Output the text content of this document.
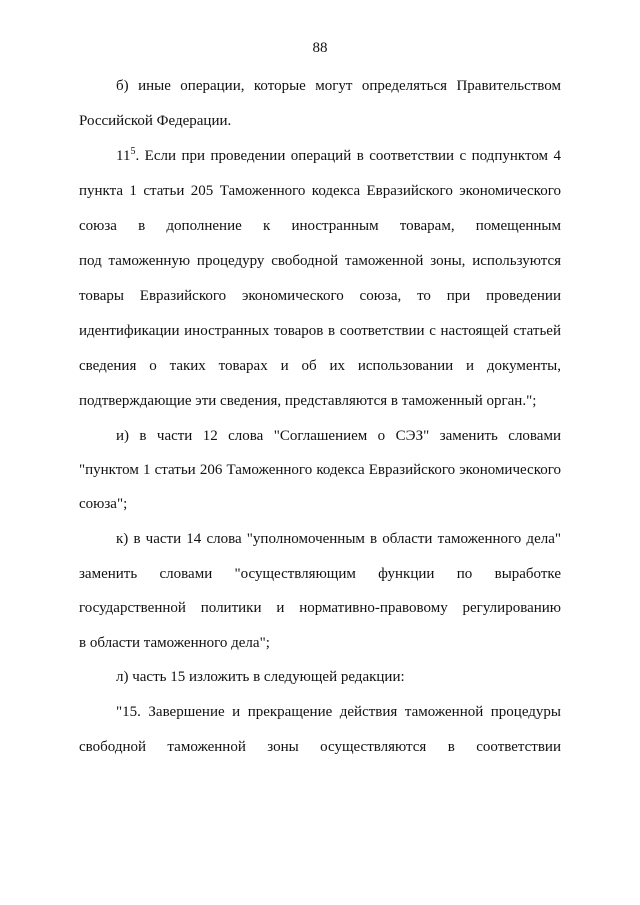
88
б) иные операции, которые могут определяться Правительством
Российской Федерации.
$11^5$. Если при проведении операций в соответствии с подпунктом 4
пункта 1 статьи 205 Таможенного кодекса Евразийского экономического
союза в дополнение к иностранным товарам, помещенным
под таможенную процедуру свободной таможенной зоны, используются
товары Евразийского экономического союза, то при проведении
идентификации иностранных товаров в соответствии с настоящей статьей
сведения о таких товарах и об их использовании и документы,
подтверждающие эти сведения, представляются в таможенный орган.";
и) в части 12 слова "Соглашением о СЭЗ" заменить словами
"пунктом 1 статьи 206 Таможенного кодекса Евразийского экономического
союза";
к) в части 14 слова "уполномоченным в области таможенного дела"
заменить словами "осуществляющим функции по выработке
государственной политики и нормативно-правовому регулированию
в области таможенного дела";
л) часть 15 изложить в следующей редакции:
"15. Завершение и прекращение действия таможенной процедуры
свободной таможенной зоны осуществляются в соответствии
